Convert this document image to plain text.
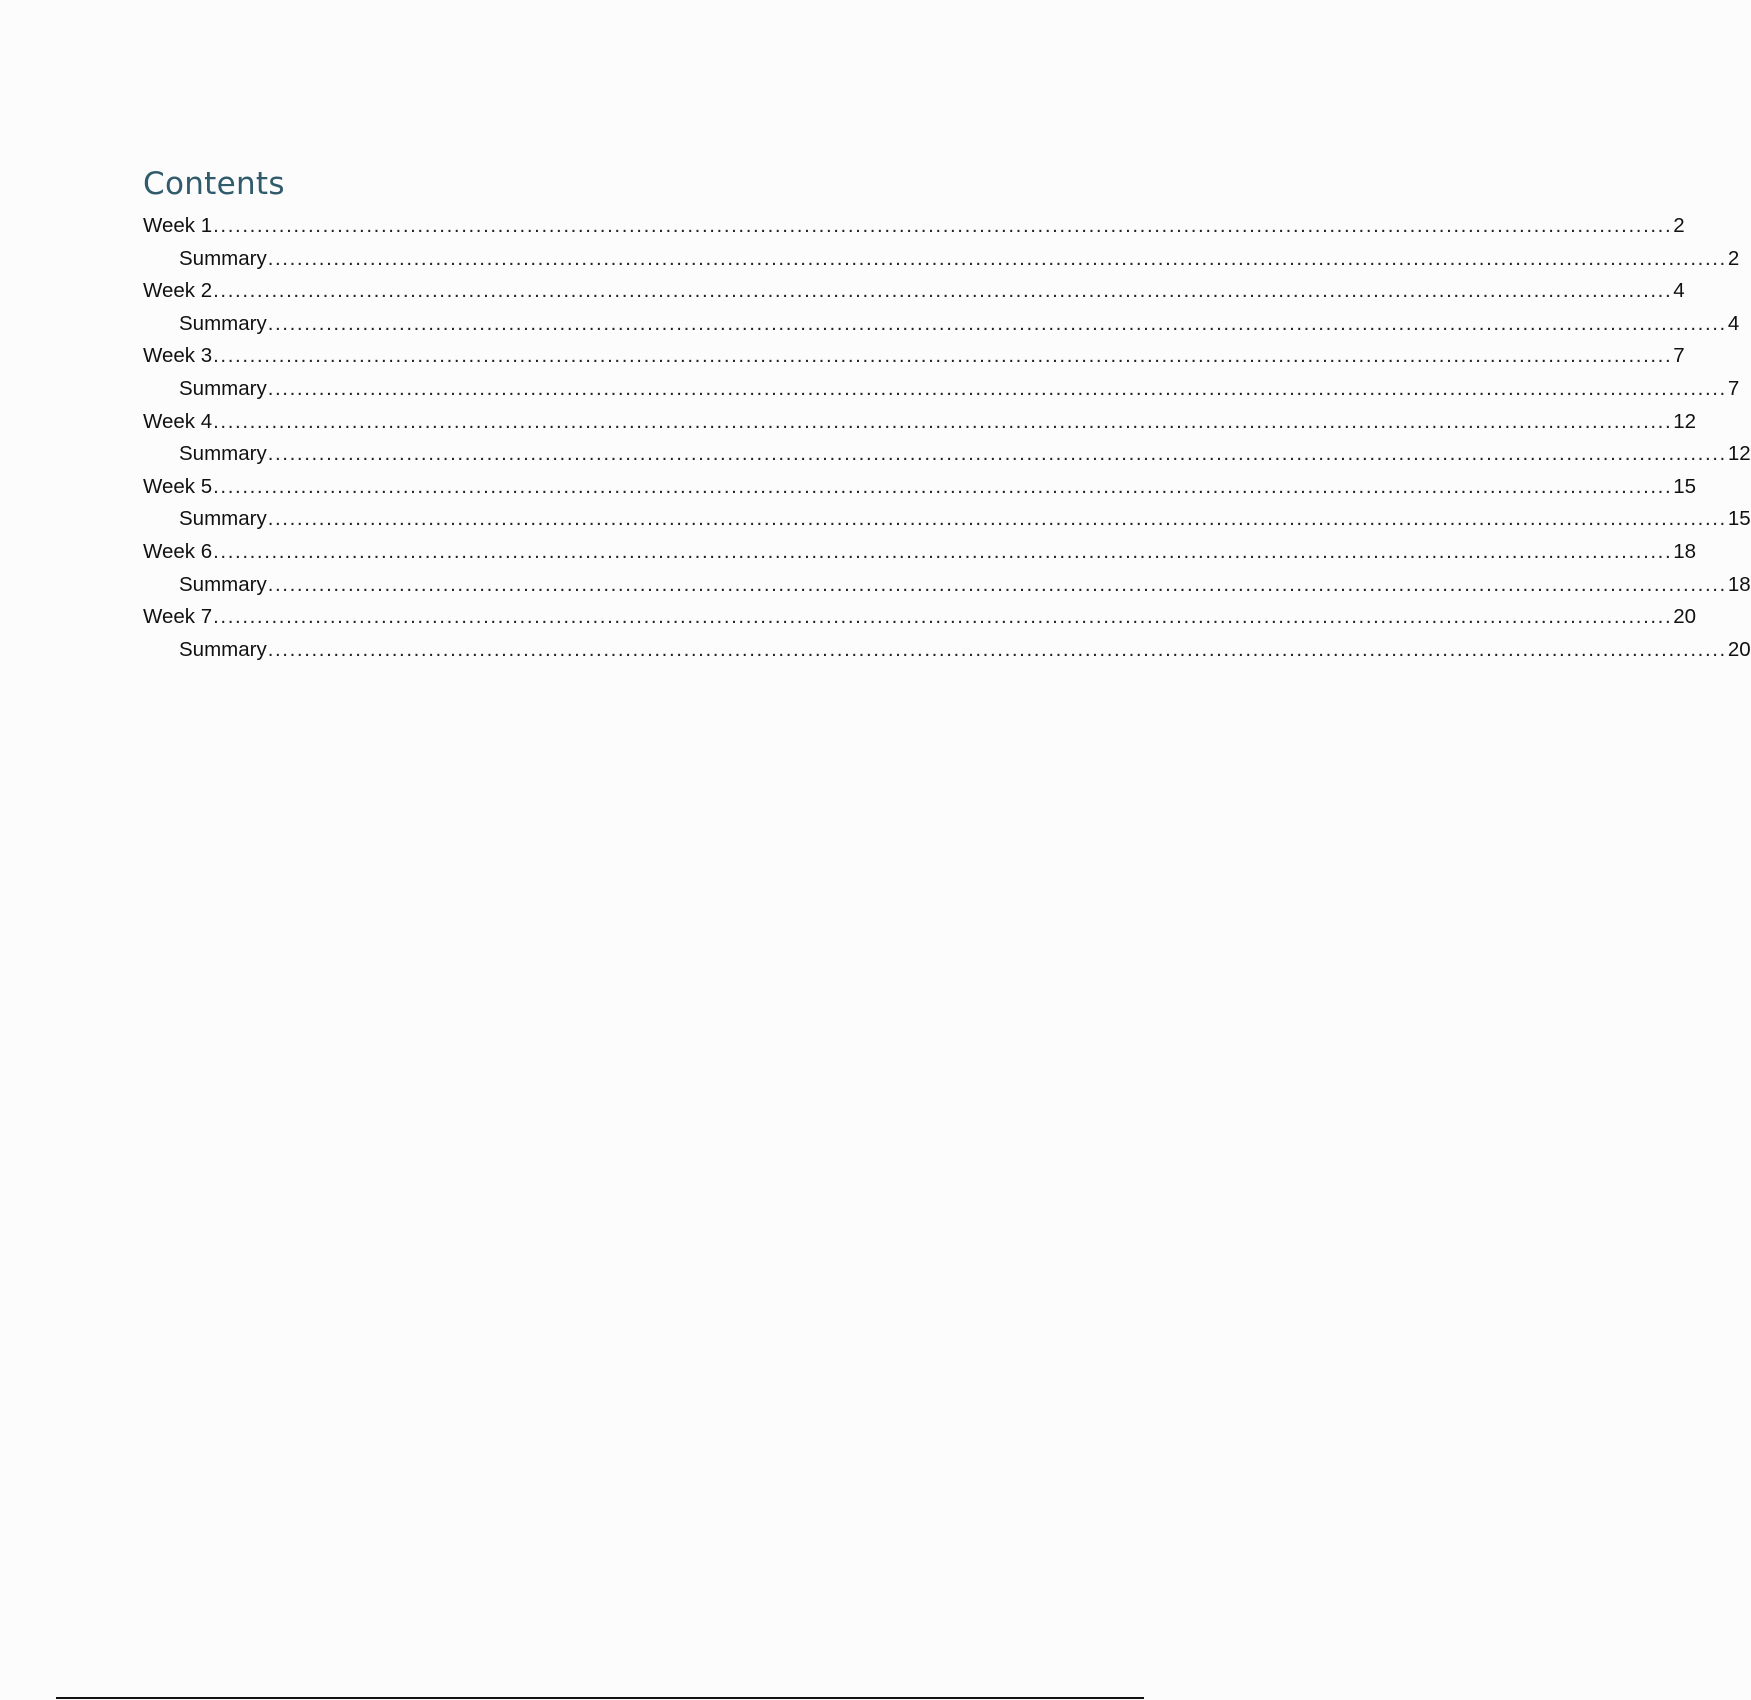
Contents
Week 1 ........................................................................................................................................................................................................ 2
Summary ........................................................................................................................................................................................................ 2
Week 2 ........................................................................................................................................................................................................ 4
Summary ........................................................................................................................................................................................................ 4
Week 3 ........................................................................................................................................................................................................ 7
Summary ........................................................................................................................................................................................................ 7
Week 4 ........................................................................................................................................................................................................ 12
Summary ........................................................................................................................................................................................................ 12
Week 5 ........................................................................................................................................................................................................ 15
Summary ........................................................................................................................................................................................................ 15
Week 6 ........................................................................................................................................................................................................ 18
Summary ........................................................................................................................................................................................................ 18
Week 7 ........................................................................................................................................................................................................ 20
Summary ........................................................................................................................................................................................................ 20
